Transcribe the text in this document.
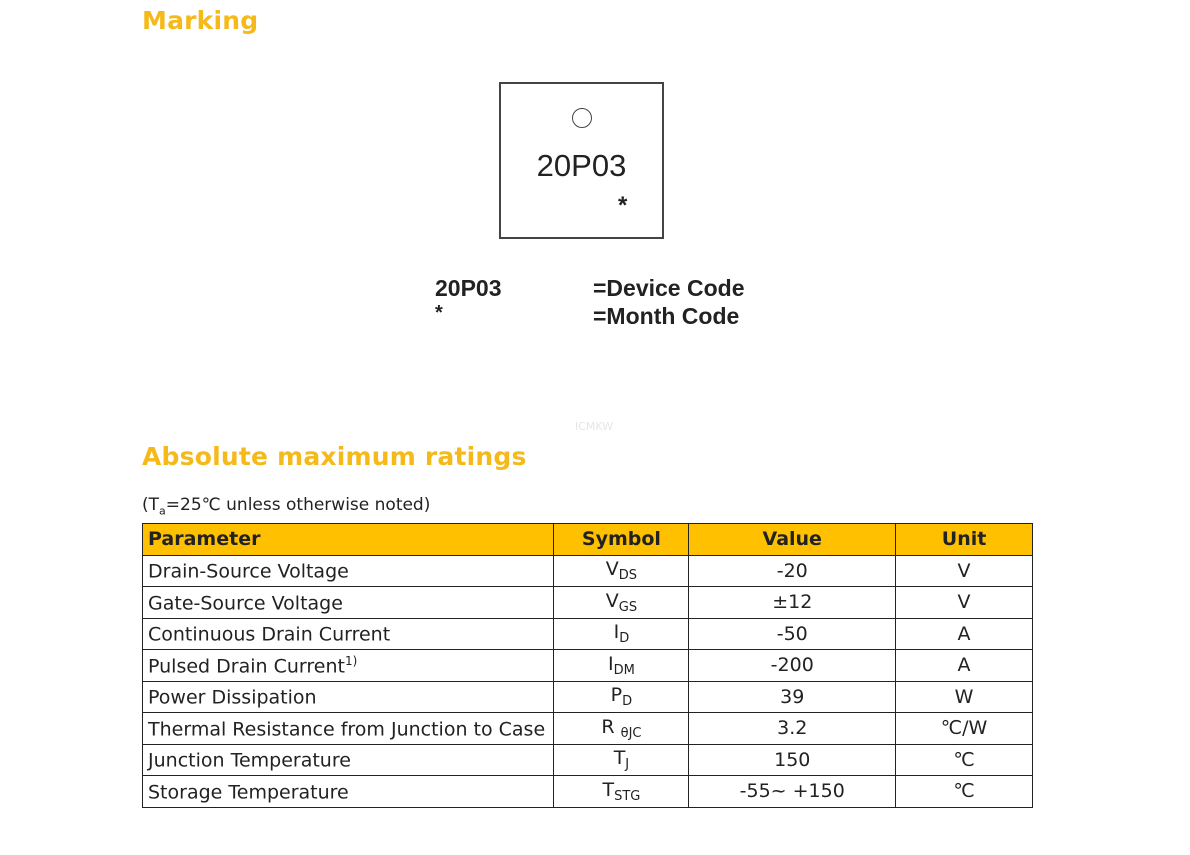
Marking
20P03
*
20P03	=Device Code
*	=Month Code
ICMKW
Absolute maximum ratings
($T_a=25℃$ unless otherwise noted)
Parameter	Symbol	Value	Unit
Drain-Source Voltage	$V_{DS}$	-20	V
Gate-Source Voltage	$V_{GS}$	±12	V
Continuous Drain Current	$I_D$	-50	A
Pulsed Drain Current$^{1)}$	$I_{DM}$	-200	A
Power Dissipation	$P_D$	39	W
Thermal Resistance from Junction to Case	R $_{\theta JC}$	3.2	℃/W
Junction Temperature	$T_J$	150	℃
Storage Temperature	$T_{STG}$	-55~ +150	℃
